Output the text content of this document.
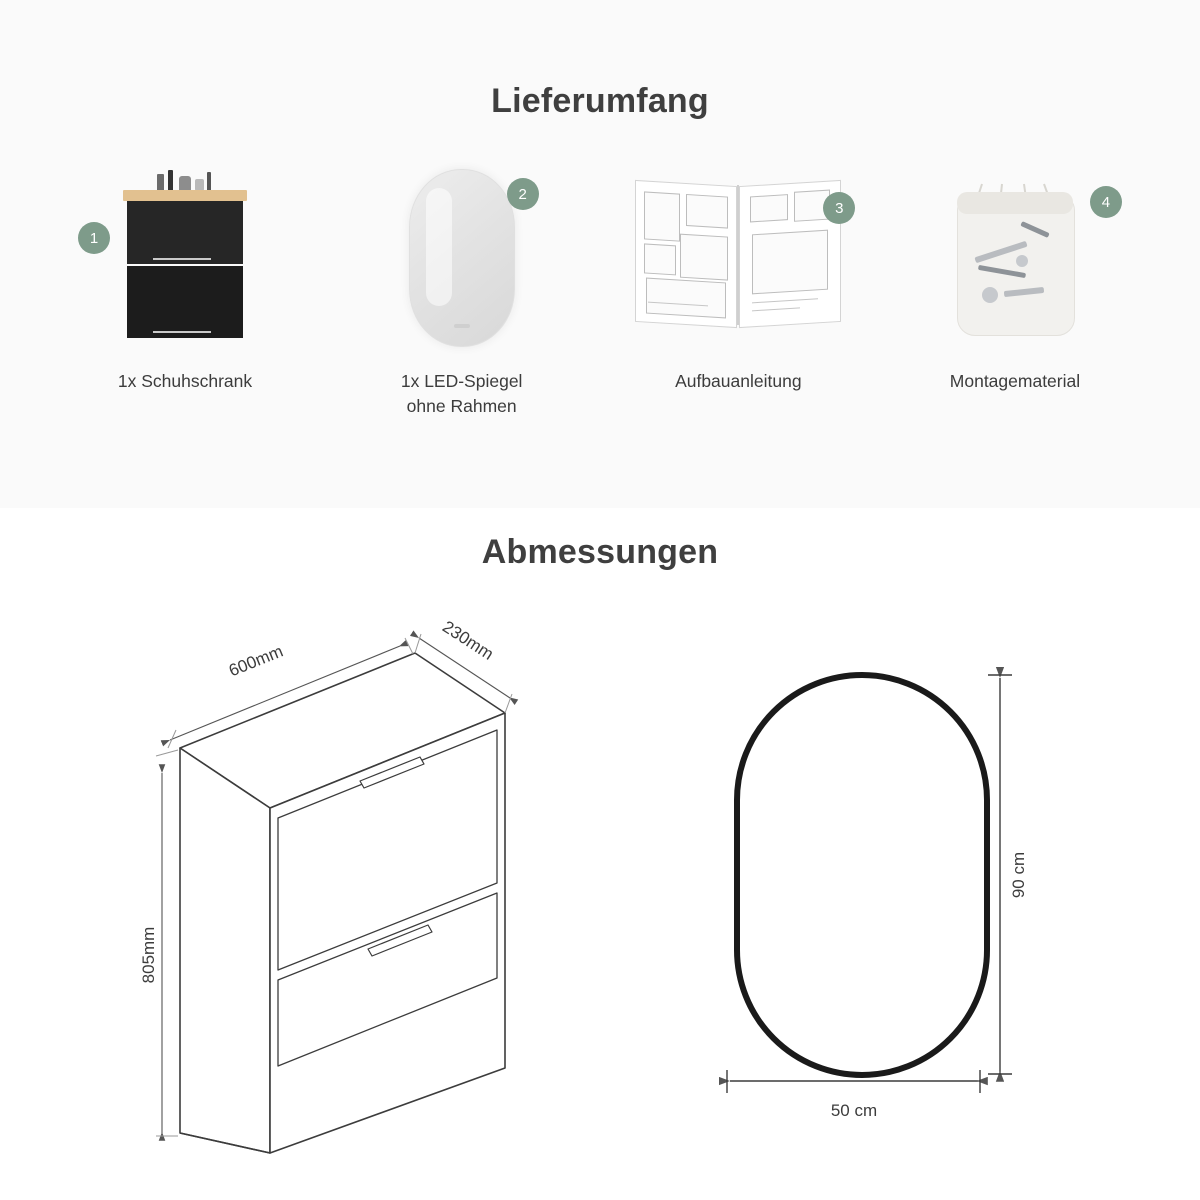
Lieferumfang
1
1x Schuhschrank
2
1x LED-Spiegel
ohne Rahmen
3
Aufbauanleitung
4
Montagematerial
Abmessungen
600mm	230mm
805mm
90 cm
50 cm
